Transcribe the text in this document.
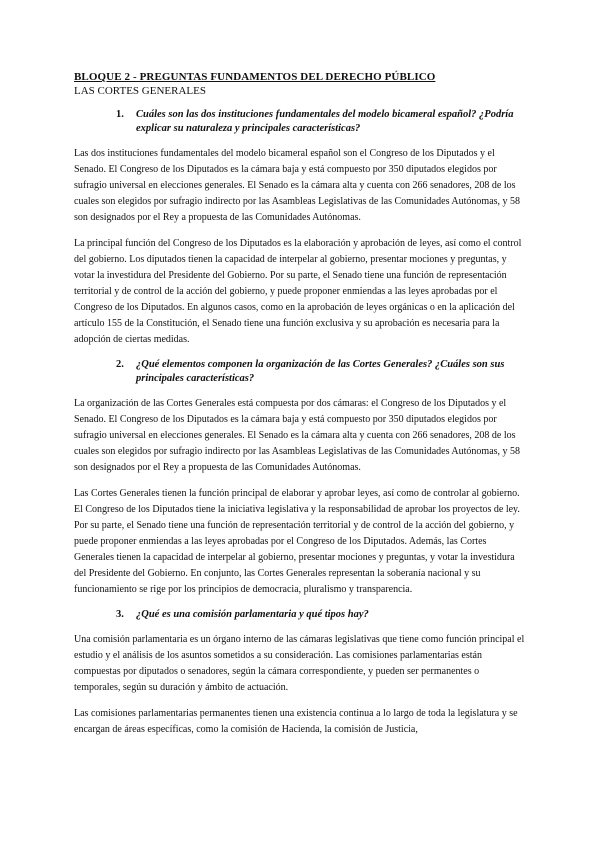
BLOQUE 2 - PREGUNTAS FUNDAMENTOS DEL DERECHO PÚBLICO

LAS CORTES GENERALES

1.	Cuáles son las dos instituciones fundamentales del modelo bicameral español? ¿Podría explicar su naturaleza y principales características?

Las dos instituciones fundamentales del modelo bicameral español son el Congreso de los Diputados y el Senado. El Congreso de los Diputados es la cámara baja y está compuesto por 350 diputados elegidos por sufragio universal en elecciones generales. El Senado es la cámara alta y cuenta con 266 senadores, 208 de los cuales son elegidos por sufragio indirecto por las Asambleas Legislativas de las Comunidades Autónomas, y 58 son designados por el Rey a propuesta de las Comunidades Autónomas.

La principal función del Congreso de los Diputados es la elaboración y aprobación de leyes, así como el control del gobierno. Los diputados tienen la capacidad de interpelar al gobierno, presentar mociones y preguntas, y votar la investidura del Presidente del Gobierno. Por su parte, el Senado tiene una función de representación territorial y de control de la acción del gobierno, y puede proponer enmiendas a las leyes aprobadas por el Congreso de los Diputados. En algunos casos, como en la aprobación de leyes orgánicas o en la aplicación del artículo 155 de la Constitución, el Senado tiene una función exclusiva y su aprobación es necesaria para la adopción de ciertas medidas.

2.	¿Qué elementos componen la organización de las Cortes Generales? ¿Cuáles son sus principales características?

La organización de las Cortes Generales está compuesta por dos cámaras: el Congreso de los Diputados y el Senado. El Congreso de los Diputados es la cámara baja y está compuesto por 350 diputados elegidos por sufragio universal en elecciones generales. El Senado es la cámara alta y cuenta con 266 senadores, 208 de los cuales son elegidos por sufragio indirecto por las Asambleas Legislativas de las Comunidades Autónomas, y 58 son designados por el Rey a propuesta de las Comunidades Autónomas.

Las Cortes Generales tienen la función principal de elaborar y aprobar leyes, así como de controlar al gobierno. El Congreso de los Diputados tiene la iniciativa legislativa y la responsabilidad de aprobar los proyectos de ley. Por su parte, el Senado tiene una función de representación territorial y de control de la acción del gobierno, y puede proponer enmiendas a las leyes aprobadas por el Congreso de los Diputados. Además, las Cortes Generales tienen la capacidad de interpelar al gobierno, presentar mociones y preguntas, y votar la investidura del Presidente del Gobierno. En conjunto, las Cortes Generales representan la soberanía nacional y su funcionamiento se rige por los principios de democracia, pluralismo y transparencia.

3.	¿Qué es una comisión parlamentaria y qué tipos hay?

Una comisión parlamentaria es un órgano interno de las cámaras legislativas que tiene como función principal el estudio y el análisis de los asuntos sometidos a su consideración. Las comisiones parlamentarias están compuestas por diputados o senadores, según la cámara correspondiente, y pueden ser permanentes o temporales, según su duración y ámbito de actuación.

Las comisiones parlamentarias permanentes tienen una existencia continua a lo largo de toda la legislatura y se encargan de áreas específicas, como la comisión de Hacienda, la comisión de Justicia,
